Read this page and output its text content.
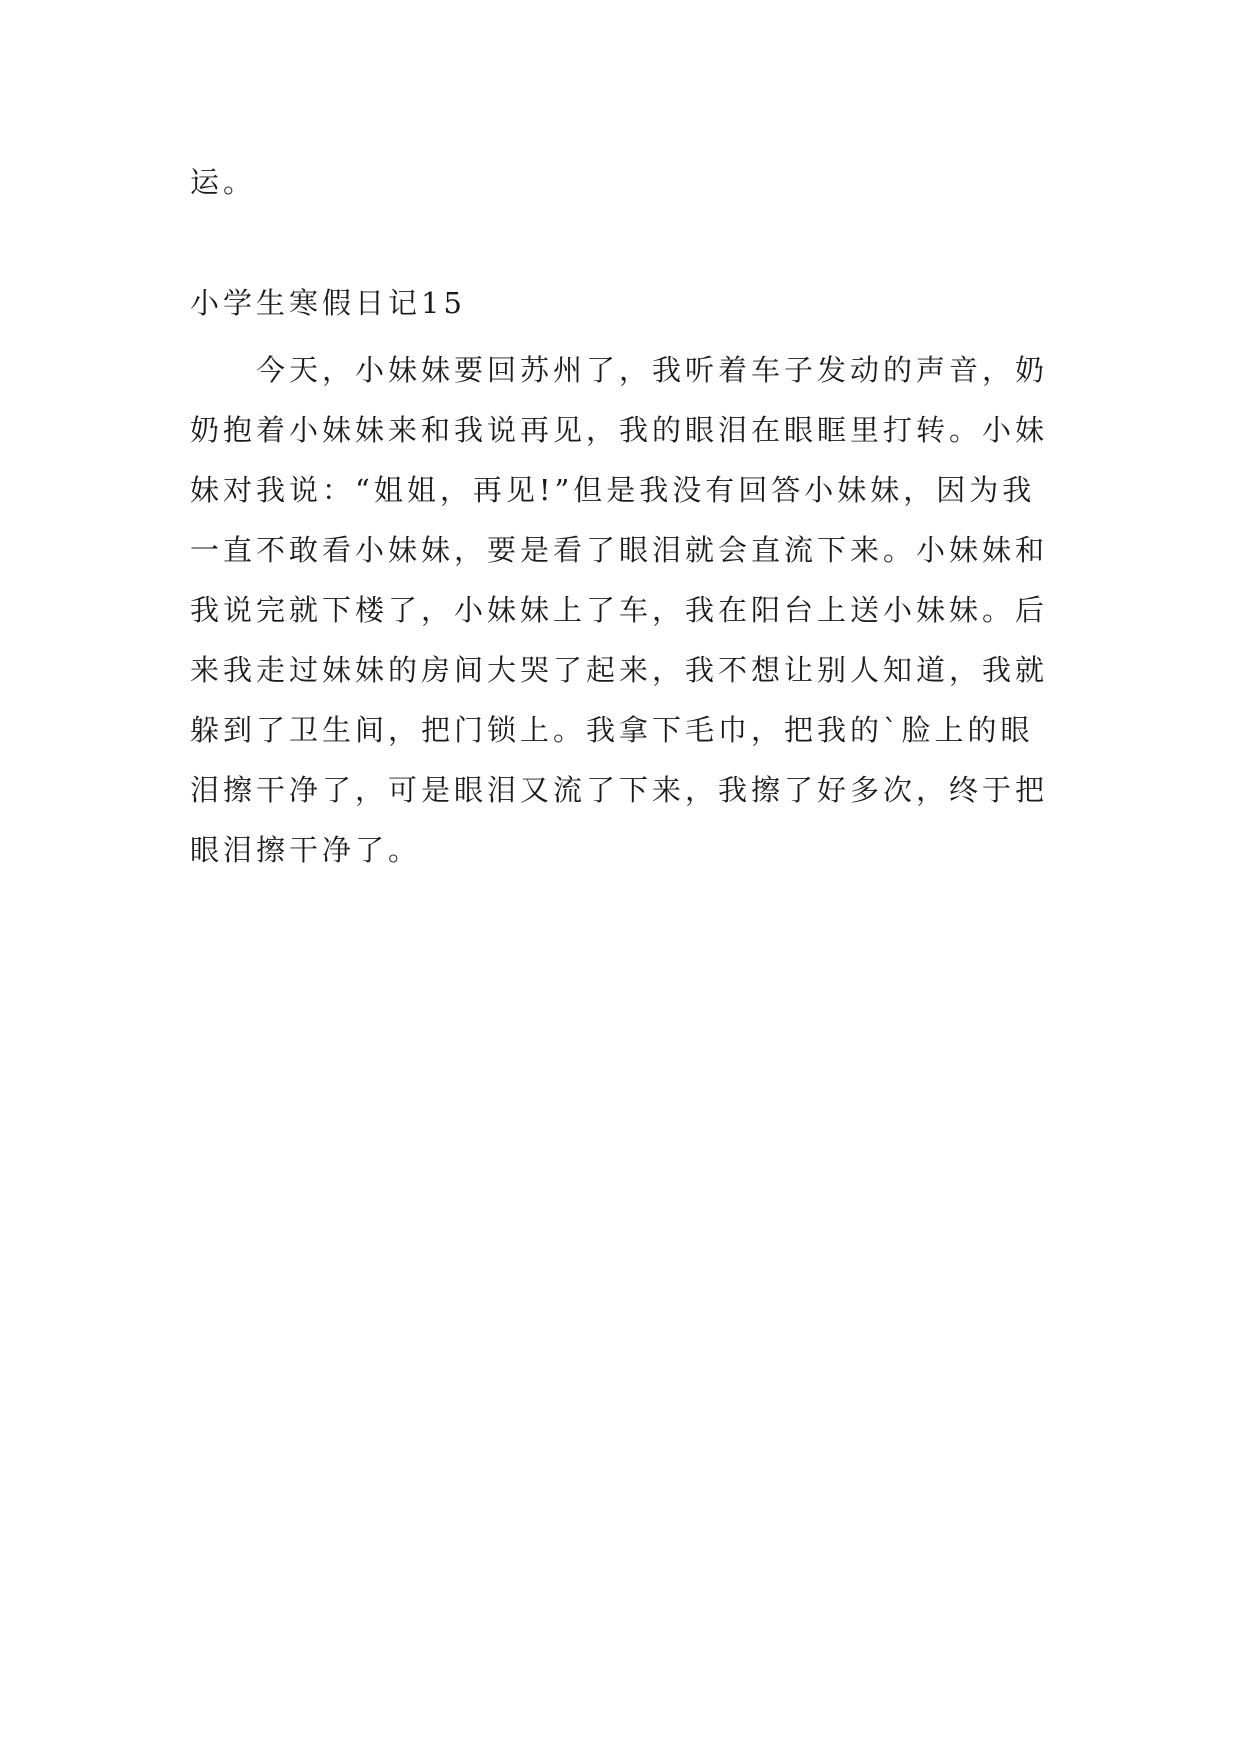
运。
小学生寒假日记15
今天，小妹妹要回苏州了，我听着车子发动的声音，奶
奶抱着小妹妹来和我说再见，我的眼泪在眼眶里打转。小妹
妹对我说：“姐姐，再见!”但是我没有回答小妹妹，因为我
一直不敢看小妹妹，要是看了眼泪就会直流下来。小妹妹和
我说完就下楼了，小妹妹上了车，我在阳台上送小妹妹。后
来我走过妹妹的房间大哭了起来，我不想让别人知道，我就
躲到了卫生间，把门锁上。我拿下毛巾，把我的`脸上的眼
泪擦干净了，可是眼泪又流了下来，我擦了好多次，终于把
眼泪擦干净了。
